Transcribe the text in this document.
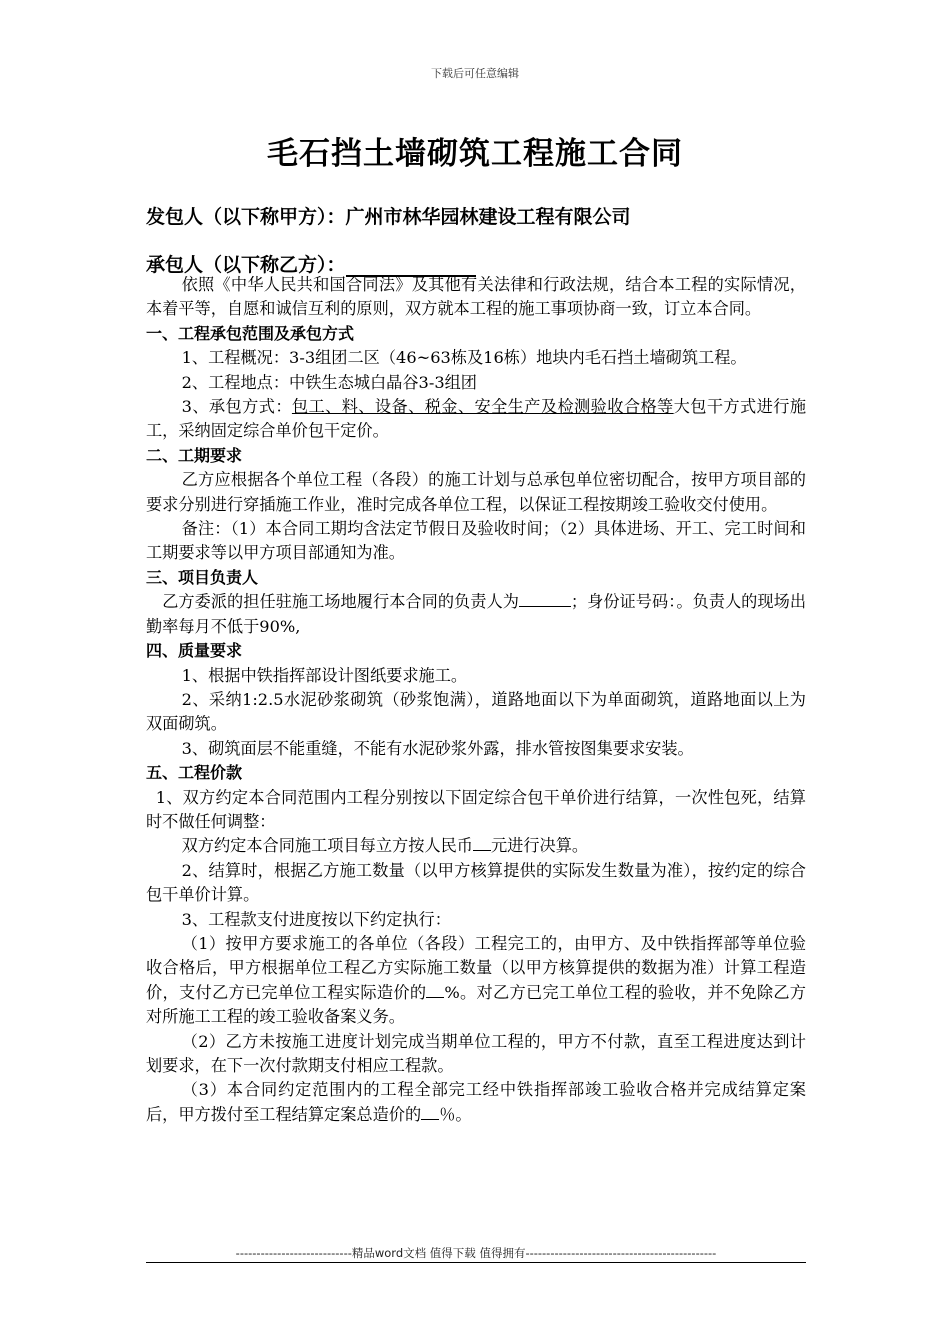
下载后可任意编辑
毛石挡土墙砌筑工程施工合同
发包人（以下称甲方）：广州市林华园林建设工程有限公司
承包人（以下称乙方）：

依照《中华人民共和国合同法》及其他有关法律和行政法规，结合本工程的实际情况，本着平等，自愿和诚信互利的原则，双方就本工程的施工事项协商一致，订立本合同。

一、工程承包范围及承包方式

1、工程概况：3-3组团二区（46~63栋及16栋）地块内毛石挡土墙砌筑工程。

2、工程地点：中铁生态城白晶谷3-3组团

3、承包方式：包工、料、设备、税金、安全生产及检测验收合格等大包干方式进行施工，采纳固定综合单价包干定价。

二、工期要求

乙方应根据各个单位工程（各段）的施工计划与总承包单位密切配合，按甲方项目部的要求分别进行穿插施工作业，准时完成各单位工程，以保证工程按期竣工验收交付使用。

备注：（1）本合同工期均含法定节假日及验收时间；（2）具体进场、开工、完工时间和工期要求等以甲方项目部通知为准。

三、项目负责人

乙方委派的担任驻施工场地履行本合同的负责人为	；身份证号码：。负责人的现场出勤率每月不低于90%,

四、质量要求

1、根据中铁指挥部设计图纸要求施工。

2、采纳1:2.5水泥砂浆砌筑（砂浆饱满），道路地面以下为单面砌筑，道路地面以上为双面砌筑。

3、砌筑面层不能重缝，不能有水泥砂浆外露，排水管按图集要求安装。

五、工程价款

1、双方约定本合同范围内工程分别按以下固定综合包干单价进行结算，一次性包死，结算时不做任何调整：

双方约定本合同施工项目每立方按人民币 元进行决算。

2、结算时，根据乙方施工数量（以甲方核算提供的实际发生数量为准），按约定的综合包干单价计算。

3、工程款支付进度按以下约定执行：

（1）按甲方要求施工的各单位（各段）工程完工的，由甲方、及中铁指挥部等单位验收合格后，甲方根据单位工程乙方实际施工数量（以甲方核算提供的数据为准）计算工程造价，支付乙方已完单位工程实际造价的 %。对乙方已完工单位工程的验收，并不免除乙方对所施工工程的竣工验收备案义务。

（2）乙方未按施工进度计划完成当期单位工程的，甲方不付款，直至工程进度达到计划要求，在下一次付款期支付相应工程款。

（3）本合同约定范围内的工程全部完工经中铁指挥部竣工验收合格并完成结算定案后，甲方拨付至工程结算定案总造价的 ％。

----------------------------精品word文档 值得下载 值得拥有----------------------------------------------
